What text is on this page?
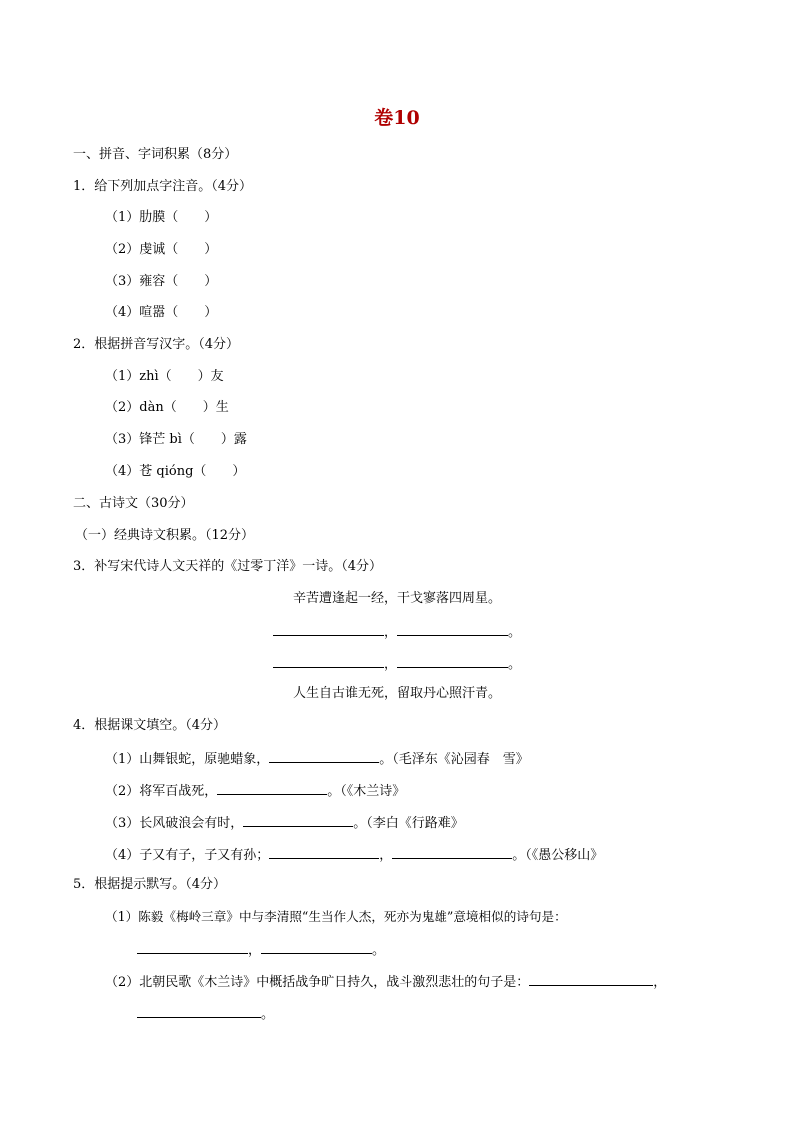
卷10
一、拼音、字词积累（8分）
1．给下列加点字注音。（4分）
（1）肋膜（　　）
（2）虔诚（　　）
（3）雍容（　　）
（4）喧嚣（　　）
2．根据拼音写汉字。（4分）
（1）zhì（ ）友
（2）dàn（ ）生
（3）锋芒 bì（ ）露
（4）苍 qióng（ ）
二、古诗文（30分）
（一）经典诗文积累。（12分）
3．补写宋代诗人文天祥的《过零丁洋》一诗。（4分）
辛苦遭逢起一经，干戈寥落四周星。
，	。
，	。
人生自古谁无死，留取丹心照汗青。
4．根据课文填空。（4分）
（1）山舞银蛇，原驰蜡象，	。（毛泽东《沁园春　雪》
（2）将军百战死，	。（《木兰诗》
（3）长风破浪会有时，	。（李白《行路难》
（4）子又有子，子又有孙；	，	。（《愚公移山》
5．根据提示默写。（4分）
（1）陈毅《梅岭三章》中与李清照“生当作人杰，死亦为鬼雄”意境相似的诗句是：
，	。
（2）北朝民歌《木兰诗》中概括战争旷日持久，战斗激烈悲壮的句子是：	，
。
